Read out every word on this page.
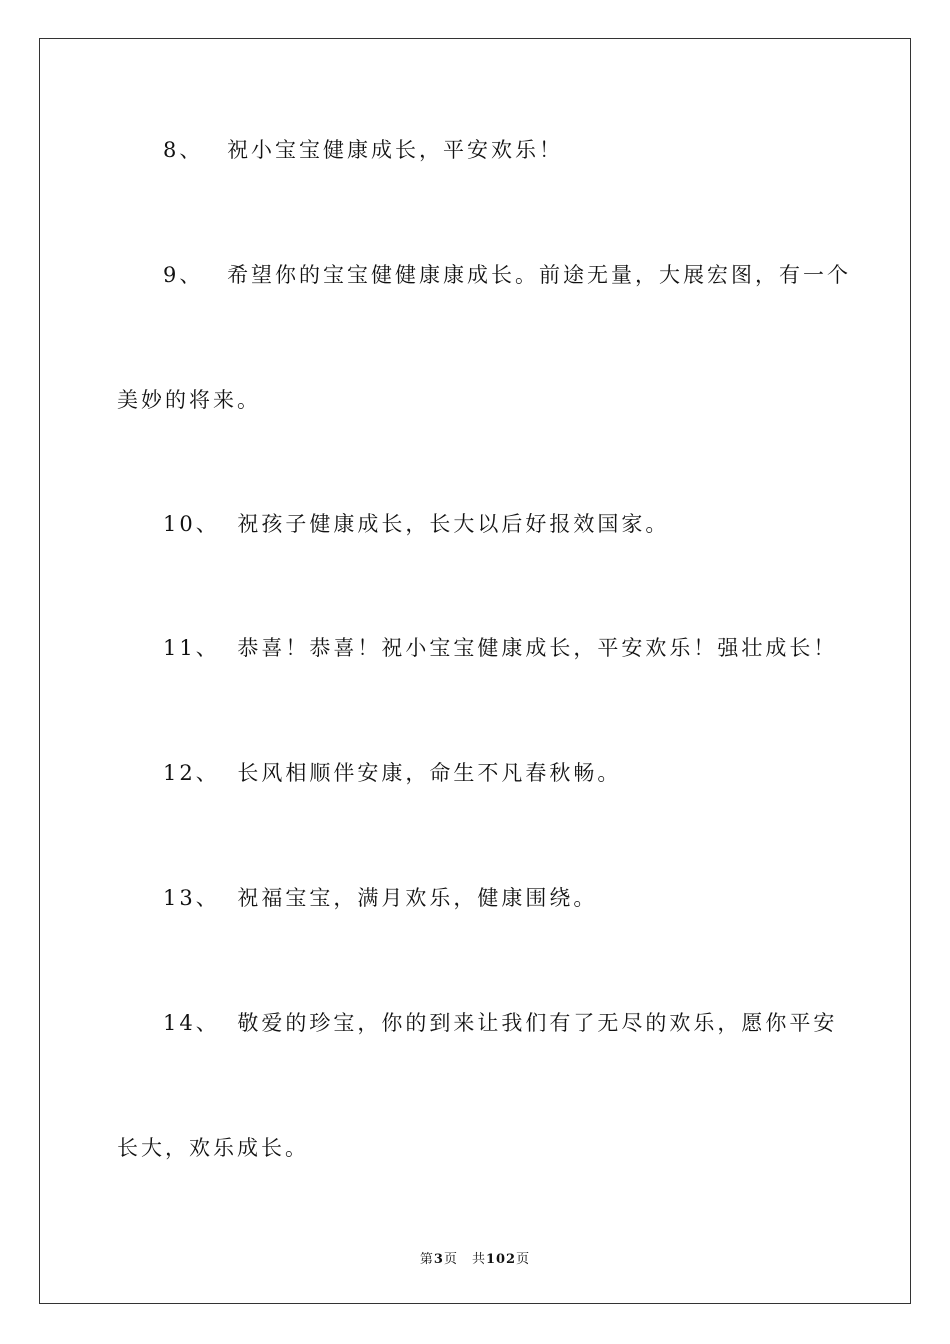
8、 祝小宝宝健康成长，平安欢乐！
9、 希望你的宝宝健健康康成长。前途无量，大展宏图，有一个
美妙的将来。
10、 祝孩子健康成长，长大以后好报效国家。
11、 恭喜！恭喜！祝小宝宝健康成长，平安欢乐！强壮成长！
12、 长风相顺伴安康，命生不凡春秋畅。
13、 祝福宝宝，满月欢乐，健康围绕。
14、 敬爱的珍宝，你的到来让我们有了无尽的欢乐，愿你平安
长大，欢乐成长。
第3页 共102页
